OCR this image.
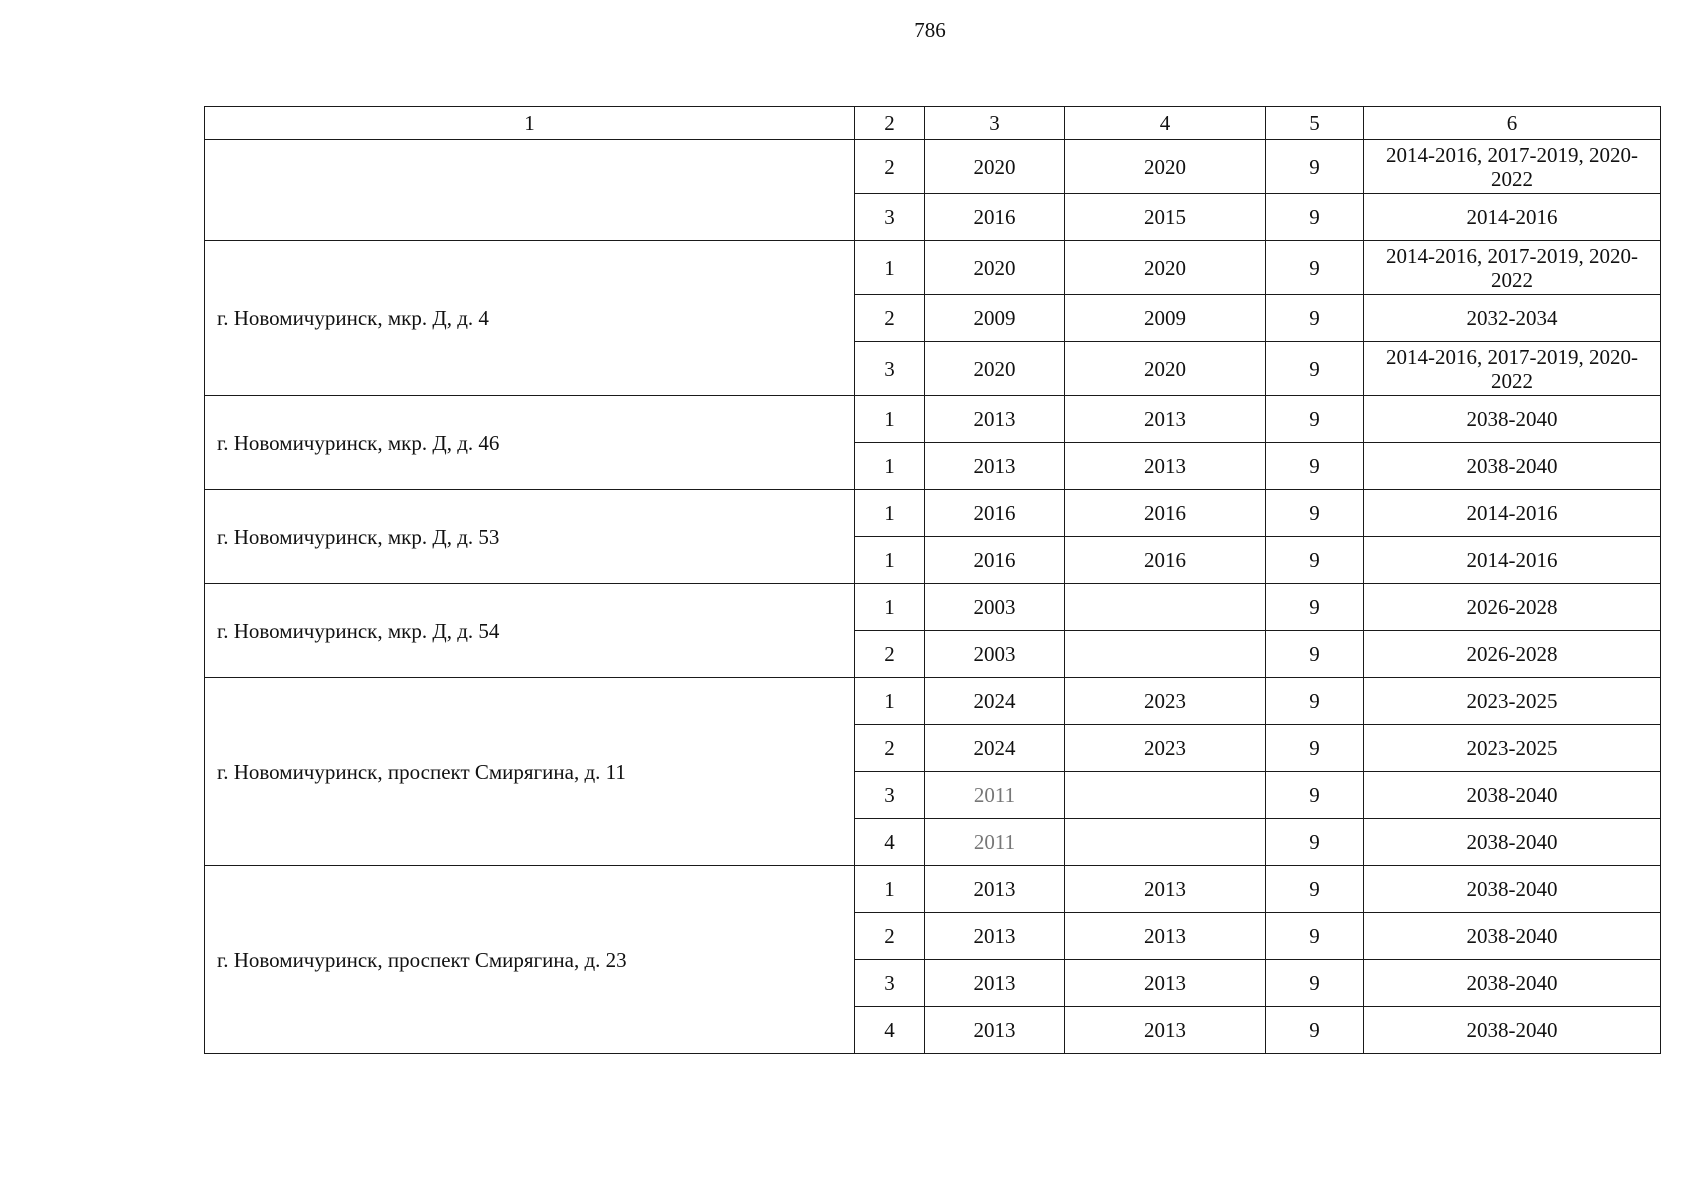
786
1	2	3	4	5	6
	2	2020	2020	9	2014-2016, 2017-2019, 2020-2022
	3	2016	2015	9	2014-2016
г. Новомичуринск, мкр. Д, д. 4	1	2020	2020	9	2014-2016, 2017-2019, 2020-2022
	2	2009	2009	9	2032-2034
	3	2020	2020	9	2014-2016, 2017-2019, 2020-2022
г. Новомичуринск, мкр. Д, д. 46	1	2013	2013	9	2038-2040
	1	2013	2013	9	2038-2040
г. Новомичуринск, мкр. Д, д. 53	1	2016	2016	9	2014-2016
	1	2016	2016	9	2014-2016
г. Новомичуринск, мкр. Д, д. 54	1	2003		9	2026-2028
	2	2003		9	2026-2028
г. Новомичуринск, проспект Смирягина, д. 11	1	2024	2023	9	2023-2025
	2	2024	2023	9	2023-2025
	3	2011		9	2038-2040
	4	2011		9	2038-2040
г. Новомичуринск, проспект Смирягина, д. 23	1	2013	2013	9	2038-2040
	2	2013	2013	9	2038-2040
	3	2013	2013	9	2038-2040
	4	2013	2013	9	2038-2040
